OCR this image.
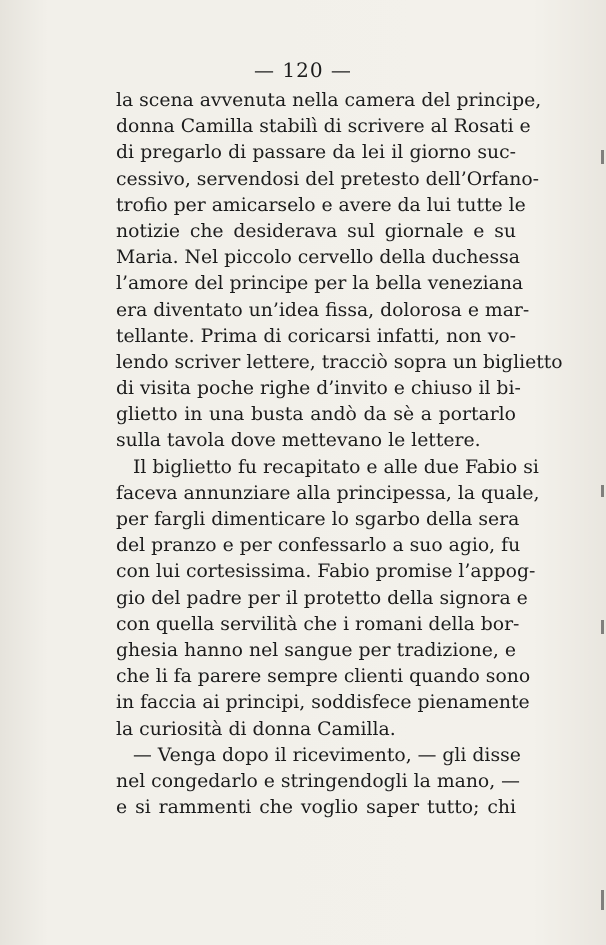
— 120 —
la scena avvenuta nella camera del principe,
donna Camilla stabilì di scrivere al Rosati e
di pregarlo di passare da lei il giorno suc-
cessivo, servendosi del pretesto dell’Orfano-
trofio per amicarselo e avere da lui tutte le
notizie che desiderava sul giornale e su
Maria. Nel piccolo cervello della duchessa
l’amore del principe per la bella veneziana
era diventato un’idea fissa, dolorosa e mar-
tellante. Prima di coricarsi infatti, non vo-
lendo scriver lettere, tracciò sopra un biglietto
di visita poche righe d’invito e chiuso il bi-
glietto in una busta andò da sè a portarlo
sulla tavola dove mettevano le lettere.
Il biglietto fu recapitato e alle due Fabio si
faceva annunziare alla principessa, la quale,
per fargli dimenticare lo sgarbo della sera
del pranzo e per confessarlo a suo agio, fu
con lui cortesissima. Fabio promise l’appog-
gio del padre per il protetto della signora e
con quella servilità che i romani della bor-
ghesia hanno nel sangue per tradizione, e
che li fa parere sempre clienti quando sono
in faccia ai principi, soddisfece pienamente
la curiosità di donna Camilla.
— Venga dopo il ricevimento, — gli disse
nel congedarlo e stringendogli la mano, —
e si rammenti che voglio saper tutto; chi
